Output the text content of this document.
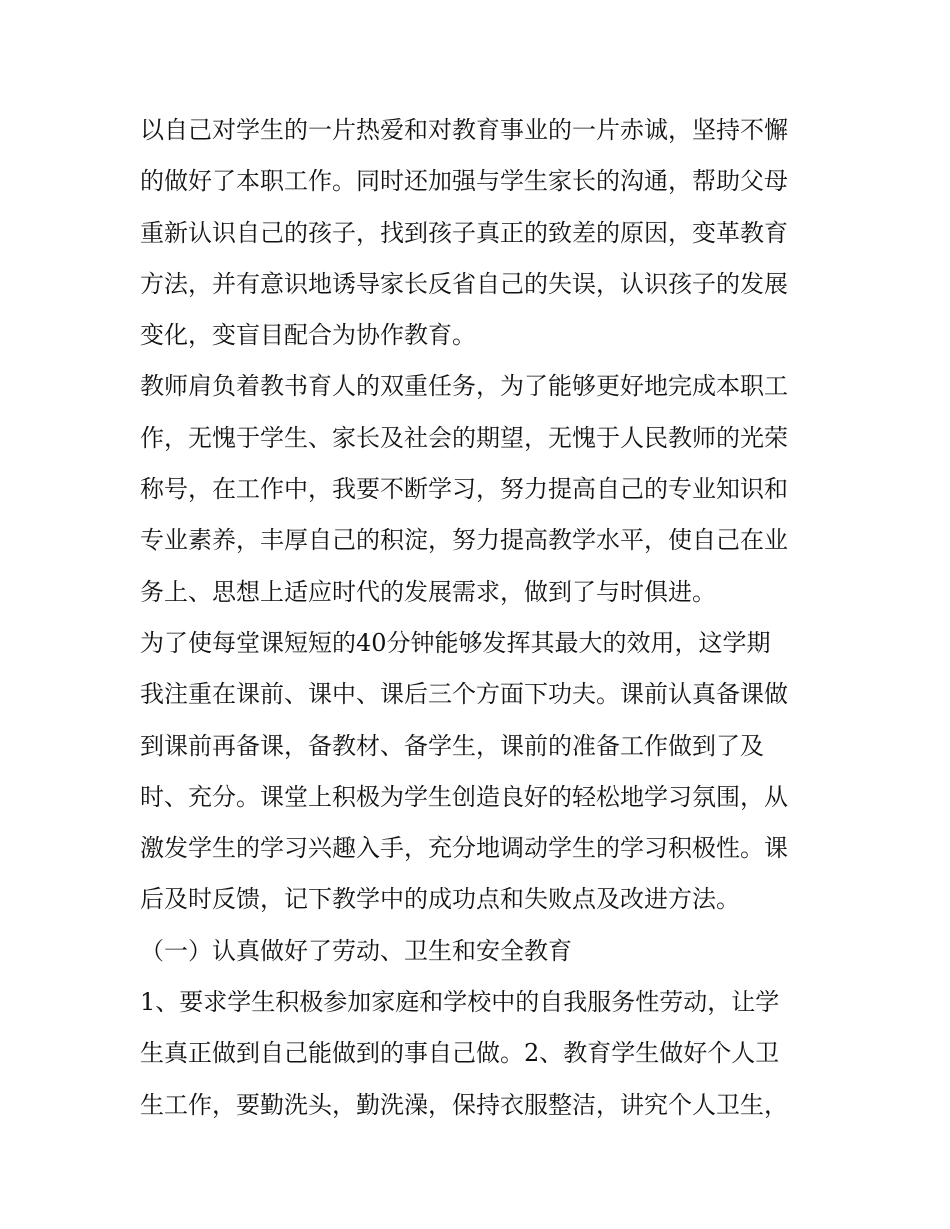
以自己对学生的一片热爱和对教育事业的一片赤诚，坚持不懈
的做好了本职工作。同时还加强与学生家长的沟通，帮助父母
重新认识自己的孩子，找到孩子真正的致差的原因，变革教育
方法，并有意识地诱导家长反省自己的失误，认识孩子的发展
变化，变盲目配合为协作教育。
教师肩负着教书育人的双重任务，为了能够更好地完成本职工
作，无愧于学生、家长及社会的期望，无愧于人民教师的光荣
称号，在工作中，我要不断学习，努力提高自己的专业知识和
专业素养，丰厚自己的积淀，努力提高教学水平，使自己在业
务上、思想上适应时代的发展需求，做到了与时俱进。
为了使每堂课短短的40分钟能够发挥其最大的效用，这学期
我注重在课前、课中、课后三个方面下功夫。课前认真备课做
到课前再备课，备教材、备学生，课前的准备工作做到了及
时、充分。课堂上积极为学生创造良好的轻松地学习氛围，从
激发学生的学习兴趣入手，充分地调动学生的学习积极性。课
后及时反馈，记下教学中的成功点和失败点及改进方法。
（一）认真做好了劳动、卫生和安全教育
1、要求学生积极参加家庭和学校中的自我服务性劳动，让学
生真正做到自己能做到的事自己做。2、教育学生做好个人卫
生工作，要勤洗头，勤洗澡，保持衣服整洁，讲究个人卫生，
